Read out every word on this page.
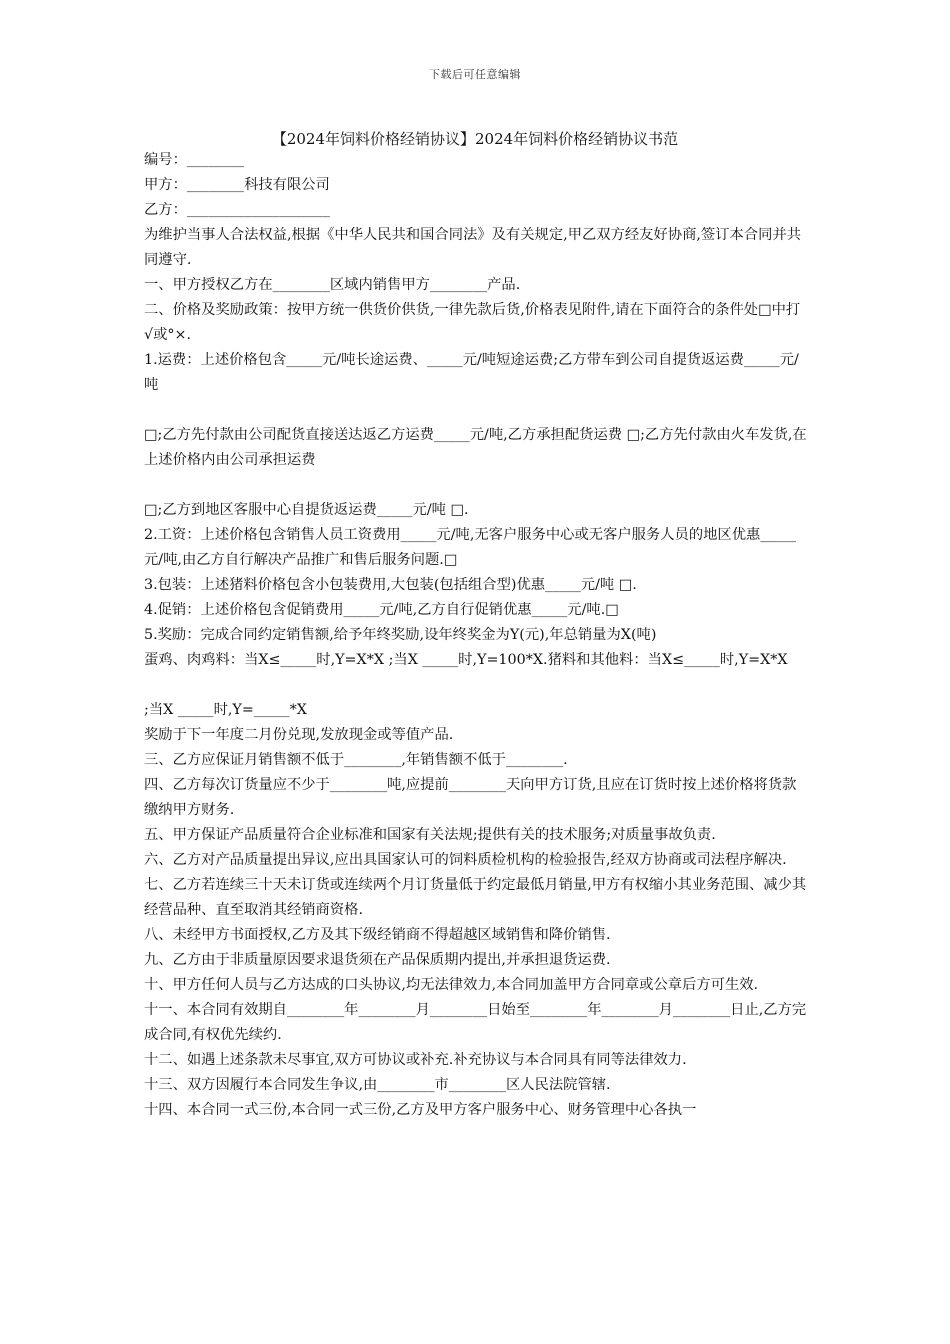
下载后可任意编辑
【2024年饲料价格经销协议】2024年饲料价格经销协议书范

编号：________

甲方：________科技有限公司

乙方：____________________

为维护当事人合法权益,根据《中华人民共和国合同法》及有关规定,甲乙双方经友好协商,签订本合同并共同遵守.

一、甲方授权乙方在________区域内销售甲方________产品.

二、价格及奖励政策：按甲方统一供货价供货,一律先款后货,价格表见附件,请在下面符合的条件处□中打√或°×.

1.运费：上述价格包含_____元/吨长途运费、_____元/吨短途运费;乙方带车到公司自提货返运费_____元/吨

□;乙方先付款由公司配货直接送达返乙方运费_____元/吨,乙方承担配货运费 □;乙方先付款由火车发货,在上述价格内由公司承担运费

□;乙方到地区客服中心自提货返运费_____元/吨 □.

2.工资：上述价格包含销售人员工资费用_____元/吨,无客户服务中心或无客户服务人员的地区优惠_____元/吨,由乙方自行解决产品推广和售后服务问题.□

3.包装：上述猪料价格包含小包装费用,大包装(包括组合型)优惠_____元/吨 □.

4.促销：上述价格包含促销费用_____元/吨,乙方自行促销优惠_____元/吨.□

5.奖励：完成合同约定销售额,给予年终奖励,设年终奖金为Y(元),年总销量为X(吨)

蛋鸡、肉鸡料：当X≤_____时,Y=X*X ;当X _____时,Y=100*X.猪料和其他料：当X≤_____时,Y=X*X

;当X _____时,Y=_____*X

奖励于下一年度二月份兑现,发放现金或等值产品.

三、乙方应保证月销售额不低于________,年销售额不低于________.

四、乙方每次订货量应不少于________吨,应提前________天向甲方订货,且应在订货时按上述价格将货款缴纳甲方财务.

五、甲方保证产品质量符合企业标准和国家有关法规;提供有关的技术服务;对质量事故负责.

六、乙方对产品质量提出异议,应出具国家认可的饲料质检机构的检验报告,经双方协商或司法程序解决.

七、乙方若连续三十天未订货或连续两个月订货量低于约定最低月销量,甲方有权缩小其业务范围、减少其经营品种、直至取消其经销商资格.

八、未经甲方书面授权,乙方及其下级经销商不得超越区域销售和降价销售.

九、乙方由于非质量原因要求退货须在产品保质期内提出,并承担退货运费.

十、甲方任何人员与乙方达成的口头协议,均无法律效力,本合同加盖甲方合同章或公章后方可生效.

十一、本合同有效期自________年________月________日始至________年________月________日止,乙方完成合同,有权优先续约.

十二、如遇上述条款未尽事宜,双方可协议或补充.补充协议与本合同具有同等法律效力.

十三、双方因履行本合同发生争议,由________市________区人民法院管辖.

十四、本合同一式三份,本合同一式三份,乙方及甲方客户服务中心、财务管理中心各执一
